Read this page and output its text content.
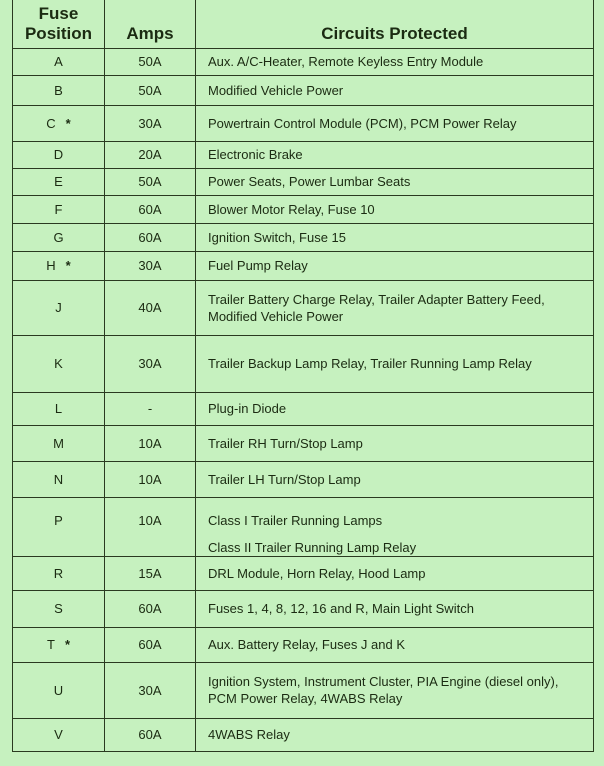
Fuse
Position	Amps	Circuits Protected
A	50A	Aux. A/C-Heater, Remote Keyless Entry Module
B	50A	Modified Vehicle Power
C *	30A	Powertrain Control Module (PCM), PCM Power Relay
D	20A	Electronic Brake
E	50A	Power Seats, Power Lumbar Seats
F	60A	Blower Motor Relay, Fuse 10
G	60A	Ignition Switch, Fuse 15
H *	30A	Fuel Pump Relay
J	40A	Trailer Battery Charge Relay, Trailer Adapter Battery Feed, Modified Vehicle Power
K	30A	Trailer Backup Lamp Relay, Trailer Running Lamp Relay
L	-	Plug-in Diode
M	10A	Trailer RH Turn/Stop Lamp
N	10A	Trailer LH Turn/Stop Lamp
P	10A	Class I Trailer Running Lamps
Class II Trailer Running Lamp Relay

R	15A	DRL Module, Horn Relay, Hood Lamp
S	60A	Fuses 1, 4, 8, 12, 16 and R, Main Light Switch
T *	60A	Aux. Battery Relay, Fuses J and K
U	30A	Ignition System, Instrument Cluster, PIA Engine (diesel only), PCM Power Relay, 4WABS Relay
V	60A	4WABS Relay
